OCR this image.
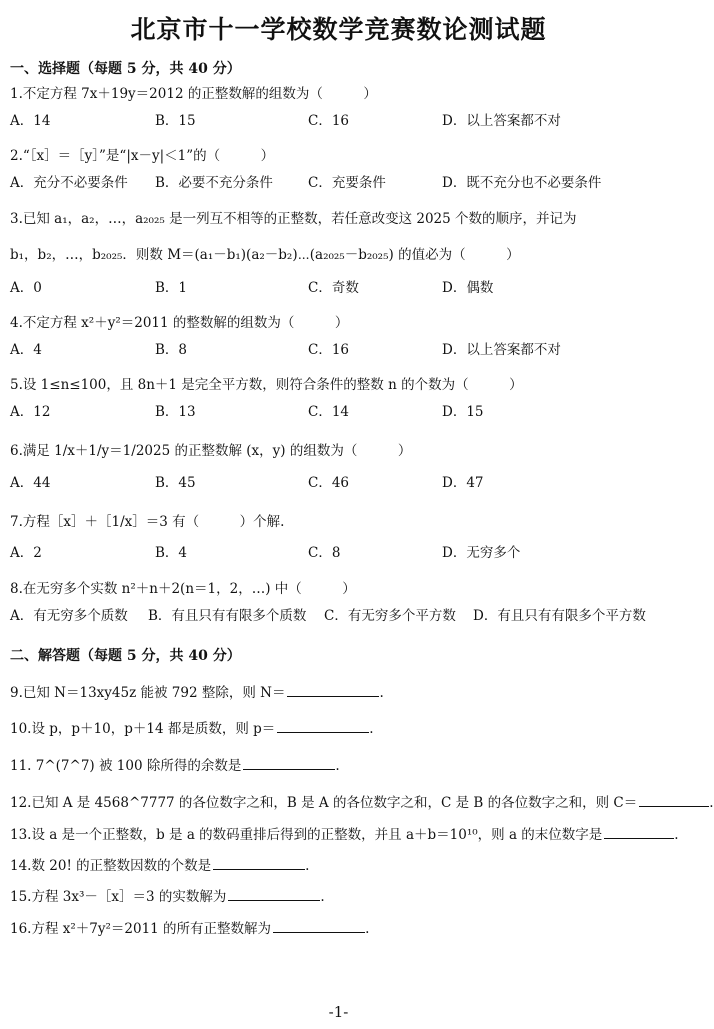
北京市十一学校数学竞赛数论测试题
一、选择题（每题 5 分，共 40 分）
1.不定方程 7x＋19y＝2012 的正整数解的组数为（　　　）
A．14	B．15	C．16	D．以上答案都不对
2.“［x］＝［y］”是“|x－y|＜1”的（　　　）
A．充分不必要条件 B．必要不充分条件	C．充要条件	D．既不充分也不必要条件
3.已知 a₁，a₂，…，a₂₀₂₅ 是一列互不相等的正整数，若任意改变这 2025 个数的顺序，并记为
b₁，b₂，…，b₂₀₂₅．则数 M＝(a₁－b₁)(a₂－b₂)⋯(a₂₀₂₅－b₂₀₂₅) 的值必为（　　　）
A．0	B．1	C．奇数	D．偶数
4.不定方程 x²＋y²＝2011 的整数解的组数为（　　　）
A．4	B．8	C．16	D．以上答案都不对
5.设 1≤n≤100，且 8n＋1 是完全平方数，则符合条件的整数 n 的个数为（　　　）
A．12	B．13	C．14	D．15
6.满足 1/x＋1/y＝1/2025 的正整数解 (x，y) 的组数为（　　　）
A．44	B．45	C．46	D．47
7.方程［x］＋［1/x］＝3 有（　　　）个解.
A．2	B．4	C．8	D．无穷多个
8.在无穷多个实数 n²＋n＋2(n＝1，2，…) 中（　　　）
A．有无穷多个质数 B．有且只有有限多个质数 C．有无穷多个平方数 D．有且只有有限多个平方数
二、解答题（每题 5 分，共 40 分）
9.已知 N＝13xy45z 能被 792 整除，则 N＝	.
10.设 p，p＋10，p＋14 都是质数，则 p＝	.
11. 7^(7^7) 被 100 除所得的余数是	.
12.已知 A 是 4568^7777 的各位数字之和，B 是 A 的各位数字之和，C 是 B 的各位数字之和，则 C＝	.
13.设 a 是一个正整数，b 是 a 的数码重排后得到的正整数，并且 a＋b＝10¹⁰，则 a 的末位数字是	.
14.数 20! 的正整数因数的个数是	.
15.方程 3x³－［x］＝3 的实数解为	.
16.方程 x²＋7y²＝2011 的所有正整数解为	.
-1-
